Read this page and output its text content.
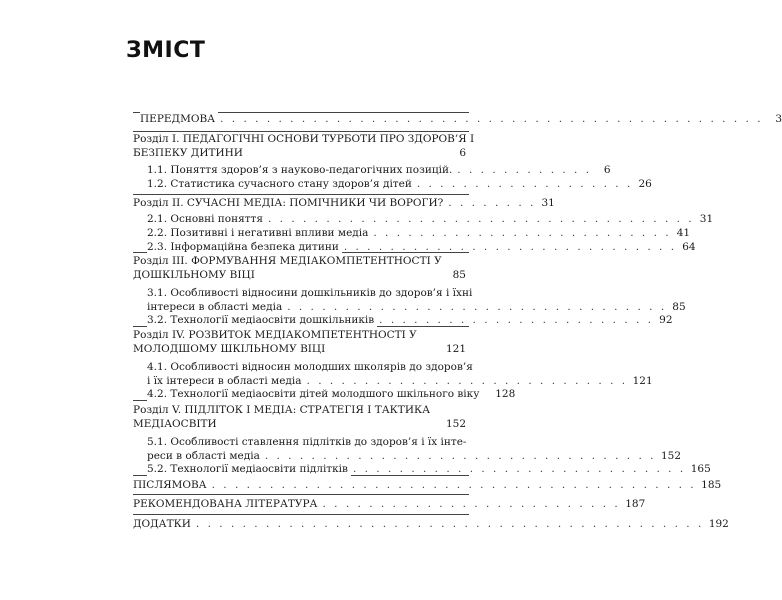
ЗМІСТ
ПЕРЕДМОВА . . . . . . . . . . . . . . . . . . . . . . . . . . . . . . . . . . . . . . . . . . . . . . .	3
Розділ І. ПЕДАГОГІЧНІ ОСНОВИ ТУРБОТИ ПРО ЗДОРОВ’Я І
БЕЗПЕКУ ДИТИНИ .	6
1.1. Поняття здоров’я з науково-педагогічних позицій. . . . . . . . . . . . .	6
1.2. Статистика сучасного стану здоров’я дітей . . . . . . . . . . . . . . . . . . . 26
Розділ ІІ. СУЧАСНІ МЕДІА: ПОМІЧНИКИ ЧИ ВОРОГИ? . . . . . . . . 31
2.1. Основні поняття . . . . . . . . . . . . . . . . . . . . . . . . . . . . . . . . . . . . . 31
2.2. Позитивні і негативні впливи медіа . . . . . . . . . . . . . . . . . . . . . . . . . . 41
2.3. Інформаційна безпека дитини . . . . . . . . . . . . . . . . . . . . . . . . . . . . . 64
Розділ ІІІ. ФОРМУВАННЯ МЕДІАКОМПЕТЕНТНОСТІ У
ДОШКІЛЬНОМУ ВІЦІ .	85
3.1. Особливості відносини дошкільників до здоров’я і їхні
інтереси в області медіа . . . . . . . . . . . . . . . . . . . . . . . . . . . . . . . . . 85
3.2. Технології медіаосвіти дошкільників . . . . . . . . . . . . . . . . . . . . . . . . 92
Розділ IV. РОЗВИТОК МЕДІАКОМПЕТЕНТНОСТІ У
МОЛОДШОМУ ШКІЛЬНОМУ ВІЦІ .	121
4.1. Особливості відносин молодших школярів до здоров’я
і їх інтереси в області медіа . . . . . . . . . . . . . . . . . . . . . . . . . . . . 121
4.2. Технології медіаосвіти дітей молодшого шкільного віку . 128
Розділ V. ПІДЛІТОК І МЕДІА: СТРАТЕГІЯ І ТАКТИКА
МЕДІАОСВІТИ .	152
5.1. Особливості ставлення підлітків до здоров’я і їх інте-
реси в області медіа . . . . . . . . . . . . . . . . . . . . . . . . . . . . . . . . . . 152
5.2. Технології медіаосвіти підлітків . . . . . . . . . . . . . . . . . . . . . . . . . . . . . 165
ПІСЛЯМОВА . . . . . . . . . . . . . . . . . . . . . . . . . . . . . . . . . . . . . . . . . . 185
РЕКОМЕНДОВАНА ЛІТЕРАТУРА . . . . . . . . . . . . . . . . . . . . . . . . . . 187
ДОДАТКИ . . . . . . . . . . . . . . . . . . . . . . . . . . . . . . . . . . . . . . . . . . . . 192
